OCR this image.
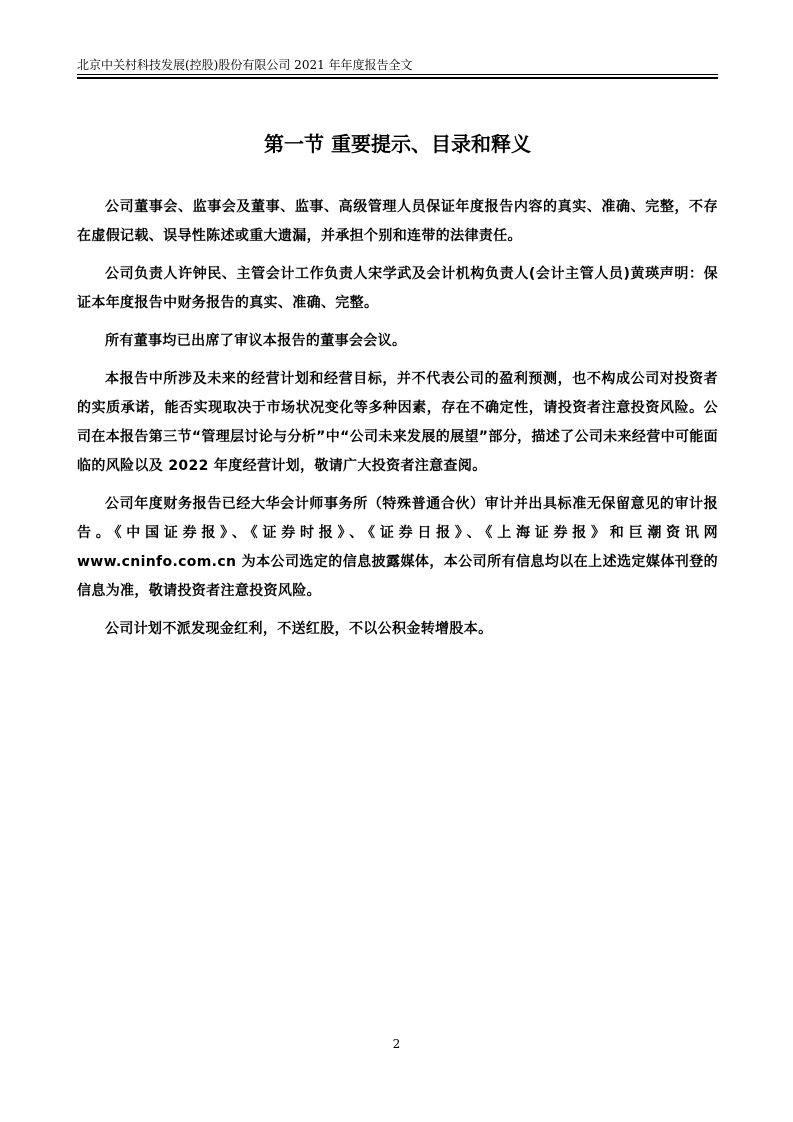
北京中关村科技发展(控股)股份有限公司 2021 年年度报告全文
第一节 重要提示、目录和释义

公司董事会、监事会及董事、监事、高级管理人员保证年度报告内容的真实、准确、完整，不存在虚假记载、误导性陈述或重大遗漏，并承担个别和连带的法律责任。

公司负责人许钟民、主管会计工作负责人宋学武及会计机构负责人(会计主管人员)黄瑛声明：保证本年度报告中财务报告的真实、准确、完整。

所有董事均已出席了审议本报告的董事会会议。

本报告中所涉及未来的经营计划和经营目标，并不代表公司的盈利预测，也不构成公司对投资者的实质承诺，能否实现取决于市场状况变化等多种因素，存在不确定性，请投资者注意投资风险。公司在本报告第三节“管理层讨论与分析”中“公司未来发展的展望”部分，描述了公司未来经营中可能面临的风险以及 2022 年度经营计划，敬请广大投资者注意查阅。

公司年度财务报告已经大华会计师事务所（特殊普通合伙）审计并出具标准无保留意见的审计报告。《中国证券报》、《证券时报》、《证券日报》、《上海证券报》和巨潮资讯网 www.cninfo.com.cn 为本公司选定的信息披露媒体，本公司所有信息均以在上述选定媒体刊登的信息为准，敬请投资者注意投资风险。

公司计划不派发现金红利，不送红股，不以公积金转增股本。

2
